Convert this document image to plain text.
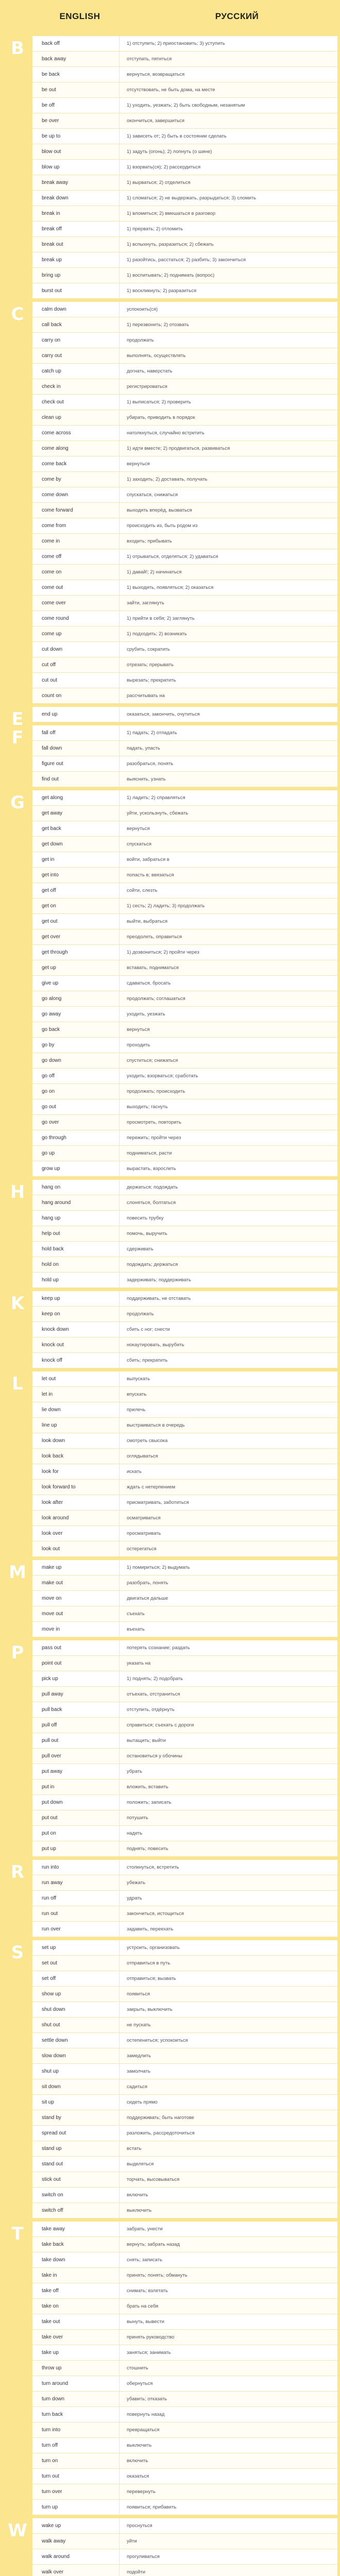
ENGLISH	РУССКИЙ
B	back off	1) отступить; 2) приостановить; 3) уступить
back away	отступать, пятиться
be back	вернуться, возвращаться
be out	отсутствовать, не быть дома, на месте
be off	1) уходить, уезжать; 2) быть свободным, незанятым
be over	окончиться, завершиться
be up to	1) зависеть от; 2) быть в состоянии сделать
blow out	1) задуть (огонь); 2) лопнуть (о шине)
blow up	1) взорвать(ся); 2) рассердиться
break away	1) вырваться; 2) отделиться
break down	1) сломаться; 2) не выдержать, разрыдаться; 3) сломить
break in	1) вломиться; 2) вмешаться в разговор
break off	1) прервать; 2) отломить
break out	1) вспыхнуть, разразиться; 2) сбежать
break up	1) разойтись, расстаться; 2) разбить; 3) закончиться
bring up	1) воспитывать; 2) поднимать (вопрос)
burst out	1) воскликнуть; 2) разразиться
C	calm down	успокоить(ся)
call back	1) перезвонить; 2) отозвать
carry on	продолжать
carry out	выполнять, осуществлять
catch up	догнать, наверстать
check in	регистрироваться
check out	1) выписаться; 2) проверить
clean up	убирать, приводить в порядок
come across	натолкнуться, случайно встретить
come along	1) идти вместе; 2) продвигаться, развиваться
come back	вернуться
come by	1) заходить; 2) доставать, получать
come down	спускаться, снижаться
come forward	выходить вперёд, вызваться
come from	происходить из, быть родом из
come in	входить; прибывать
come off	1) отрываться, отделяться; 2) удаваться
come on	1) давай!; 2) начинаться
come out	1) выходить, появляться; 2) оказаться
come over	зайти, заглянуть
come round	1) прийти в себя; 2) заглянуть
come up	1) подходить; 2) возникать
cut down	срубить, сократить
cut off	отрезать; прерывать
cut out	вырезать; прекратить
count on	рассчитывать на
E	end up	оказаться, закончить, очутиться
F	fall off	1) падать; 2) отпадать
fall down	падать, упасть
figure out	разобраться, понять
find out	выяснить, узнать
G	get along	1) ладить; 2) справляться
get away	уйти, ускользнуть, сбежать
get back	вернуться
get down	спускаться
get in	войти, забраться в
get into	попасть в; ввязаться
get off	сойти, слезть
get on	1) сесть; 2) ладить; 3) продолжать
get out	выйти, выбраться
get over	преодолеть, оправиться
get through	1) дозвониться; 2) пройти через
get up	вставать, подниматься
give up	сдаваться, бросать
go along	продолжать; соглашаться
go away	уходить, уезжать
go back	вернуться
go by	проходить
go down	спуститься; снижаться
go off	уходить; взорваться; сработать
go on	продолжать; происходить
go out	выходить; гаснуть
go over	просмотреть, повторить
go through	пережить; пройти через
go up	подниматься, расти
grow up	вырастать, взрослеть
H	hang on	держаться; подождать
hang around	слоняться, болтаться
hang up	повесить трубку
help out	помочь, выручить
hold back	сдерживать
hold on	подождать; держаться
hold up	задерживать; поддерживать
K	keep up	поддерживать, не отставать
keep on	продолжать
knock down	сбить с ног; снести
knock out	нокаутировать, вырубить
knock off	сбить; прекратить
L	let out	выпускать
let in	впускать
lie down	прилечь
line up	выстраиваться в очередь
look down	смотреть свысока
look back	оглядываться
look for	искать
look forward to	ждать с нетерпением
look after	присматривать, заботиться
look around	осматриваться
look over	просматривать
look out	остерегаться
M	make up	1) помириться; 2) выдумать
make out	разобрать, понять
move on	двигаться дальше
move out	съехать
move in	въехать
P	pass out	потерять сознание; раздать
point out	указать на
pick up	1) поднять; 2) подобрать
pull away	отъехать, отстраниться
pull back	отступить, отдёрнуть
pull off	справиться; съехать с дороги
pull out	вытащить; выйти
pull over	остановиться у обочины
put away	убрать
put in	вложить, вставить
put down	положить; записать
put out	потушить
put on	надеть
put up	поднять; повесить
R	run into	столкнуться, встретить
run away	убежать
run off	удрать
run out	закончиться, истощиться
run over	задавить, переехать
S	set up	устроить, организовать
set out	отправиться в путь
set off	отправиться; вызвать
show up	появиться
shut down	закрыть, выключить
shut out	не пускать
settle down	остепениться; успокоиться
slow down	замедлить
shut up	замолчать
sit down	садиться
sit up	сидеть прямо
stand by	поддерживать; быть наготове
spread out	разложить, рассредоточиться
stand up	встать
stand out	выделяться
stick out	торчать, высовываться
switch on	включить
switch off	выключить
T	take away	забрать, унести
take back	вернуть; забрать назад
take down	снять; записать
take in	принять; понять; обмануть
take off	снимать; взлетать
take on	брать на себя
take out	вынуть, вывести
take over	принять руководство
take up	заняться; занимать
throw up	стошнить
turn around	обернуться
turn down	убавить; отказать
turn back	повернуть назад
turn into	превращаться
turn off	выключить
turn on	включить
turn out	оказаться
turn over	перевернуть
turn up	появиться; прибавить
W	wake up	проснуться
walk away	уйти
walk around	прогуливаться
walk over	подойти
